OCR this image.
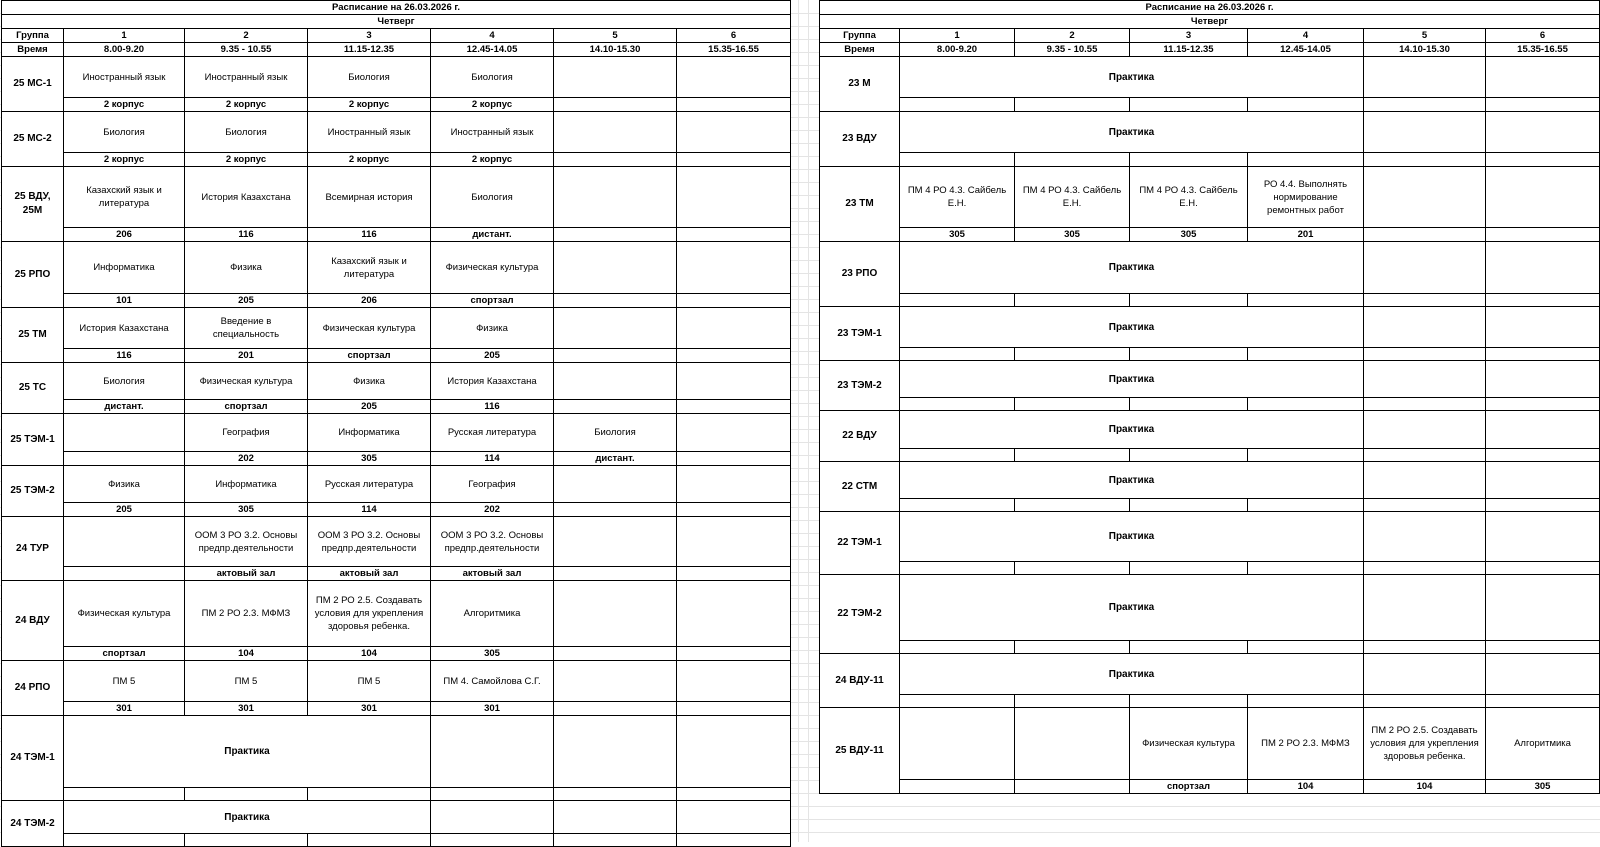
Расписание на 26.03.2026 г.						
Четверг						
Группа	1	2	3	4	5	6
Время	8.00-9.20	9.35 - 10.55	11.15-12.35	12.45-14.05	14.10-15.30	15.35-16.55
25 МС-1	Иностранный язык	Иностранный язык	Биология	Биология		
	2 корпус	2 корпус	2 корпус	2 корпус		
25 МС-2	Биология	Биология	Иностранный язык	Иностранный язык		
	2 корпус	2 корпус	2 корпус	2 корпус		
25 ВДУ, 25М	Казахский язык и литература	История Казахстана	Всемирная история	Биология		
	206	116	116	дистант.		
25 РПО	Информатика	Физика	Казахский язык и литература	Физическая культура		
	101	205	206	спортзал		
25 ТМ	История Казахстана	Введение в специальность	Физическая культура	Физика		
	116	201	спортзал	205		
25 ТС	Биология	Физическая культура	Физика	История Казахстана		
	дистант.	спортзал	205	116		
25 ТЭМ-1		География	Информатика	Русская литература	Биология	
		202	305	114	дистант.	
25 ТЭМ-2	Физика	Информатика	Русская литература	География		
	205	305	114	202		
24 ТУР		ООМ 3 РО 3.2. Основы предпр.деятельности	ООМ 3 РО 3.2. Основы предпр.деятельности	ООМ 3 РО 3.2. Основы предпр.деятельности		
		актовый зал	актовый зал	актовый зал		
24 ВДУ	Физическая культура	ПМ 2 РО 2.3. МФМЗ	ПМ 2 РО 2.5. Создавать условия для укрепления здоровья ребенка.	Алгоритмика		
	спортзал	104	104	305		
24 РПО	ПМ 5	ПМ 5	ПМ 5	ПМ 4. Самойлова С.Г.		
	301	301	301	301		
24 ТЭМ-1	Практика					

24 ТЭМ-2	Практика					

Расписание на 26.03.2026 г.						
Четверг						
Группа	1	2	3	4	5	6
Время	8.00-9.20	9.35 - 10.55	11.15-12.35	12.45-14.05	14.10-15.30	15.35-16.55
23 М	Практика					

23 ВДУ	Практика					

23 ТМ	ПМ 4 РО 4.3. Сайбель Е.Н.	ПМ 4 РО 4.3. Сайбель Е.Н.	ПМ 4 РО 4.3. Сайбель Е.Н.	РО 4.4. Выполнять нормирование ремонтных работ		
	305	305	305	201		
23 РПО	Практика					

23 ТЭМ-1	Практика					

23 ТЭМ-2	Практика					

22 ВДУ	Практика					

22 СТМ	Практика					

22 ТЭМ-1	Практика					

22 ТЭМ-2	Практика					

24 ВДУ-11	Практика					

25 ВДУ-11			Физическая культура	ПМ 2 РО 2.3. МФМЗ	ПМ 2 РО 2.5. Создавать условия для укрепления здоровья ребенка.	Алгоритмика
			спортзал	104	104	305
